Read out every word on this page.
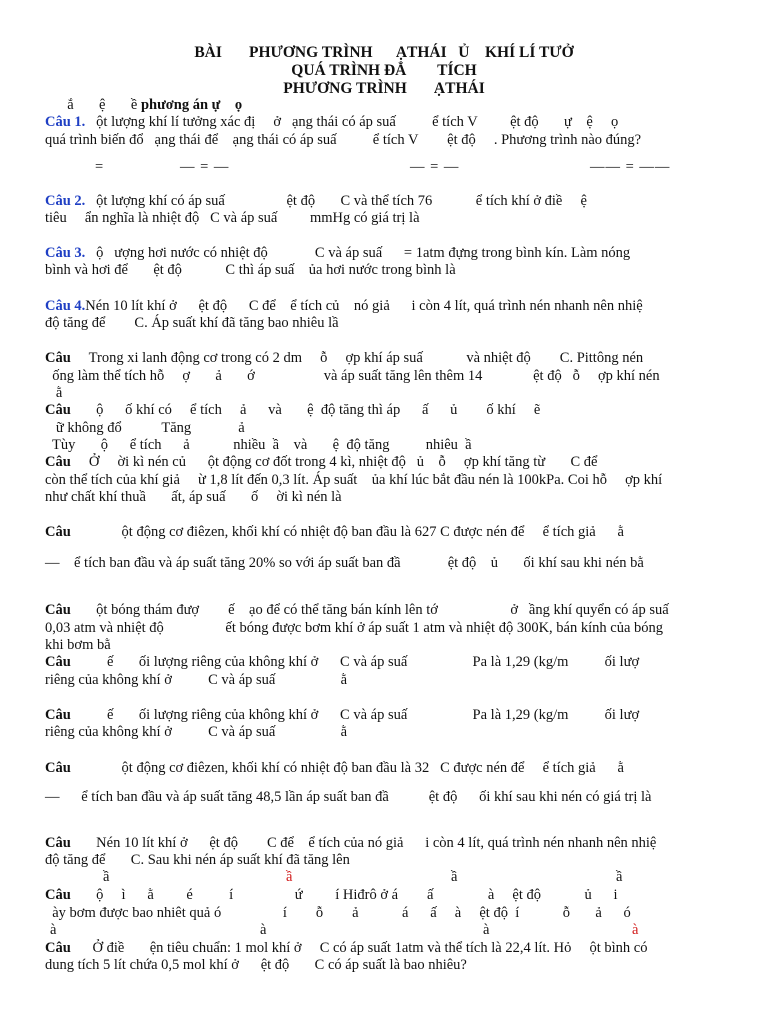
BÀI       PHƯƠNG TRÌNH      ẠTHÁI   Ủ    KHÍ LÍ TƯỞ
QUÁ TRÌNH ĐẲ        TÍCH
PHƯƠNG TRÌNH       ẠTHÁI
ắ       ệ       ề phương án ự    ọ
Câu 1.   ột lượng khí lí tưởng xác đị     ở   ạng thái có áp suấ          ể tích V         ệt độ       ự    ệ     ọ
quá trình biến đổ   ạng thái để    ạng thái có áp suấ          ể tích V        ệt độ     . Phương trình nào đúng?
=	— = —	— = —	—— = ——
Câu 2.   ột lượng khí có áp suấ                 ệt độ       C và thể tích 76            ể tích khí ở điề     ệ
tiêu     ẩn nghĩa là nhiệt độ   C và áp suấ         mmHg có giá trị là
Câu 3.   ộ   ượng hơi nước có nhiệt độ             C và áp suấ      = 1atm đựng trong bình kín. Làm nóng
bình và hơi để       ệt độ            C thì áp suấ    ủa hơi nước trong bình là
Câu 4.Nén 10 lít khí ở      ệt độ      C để    ể tích củ    nó giả      i còn 4 lít, quá trình nén nhanh nên nhiệ
độ tăng để        C. Áp suất khí đã tăng bao nhiêu lầ
Câu     Trong xi lanh động cơ trong có 2 dm     ỗ     ợp khí áp suấ            và nhiệt độ        C. Pittông nén
ống làm thể tích hỗ     ợ       ả       ớ                   và áp suất tăng lên thêm 14              ệt độ   ỗ     ợp khí nén
ằ
Câu       ộ      ố khí có     ể tích     ả      và       ệ  độ tăng thì áp      ấ      ủ        ố khí     ẽ
ữ không đổ           Tăng             ả
Tùy       ộ      ể tích      ả            nhiều  ầ    và       ệ  độ tăng          nhiêu  ầ
Câu     Ở     ời kì nén củ      ột động cơ đốt trong 4 kì, nhiệt độ   ủ    ỗ     ợp khí tăng từ       C để
còn thể tích của khí giả     ừ 1,8 lít đến 0,3 lít. Áp suất    ủa khí lúc bắt đầu nén là 100kPa. Coi hỗ     ợp khí
như chất khí thuầ       ất, áp suấ       ố     ời kì nén là
Câu              ột động cơ điêzen, khối khí có nhiệt độ ban đầu là 627 C được nén để     ể tích giả      ằ
—    ể tích ban đầu và áp suất tăng 20% so với áp suất ban đầ             ệt độ    ủ       ối khí sau khi nén bằ
Câu       ột bóng thám đượ        ế    ạo để có thể tăng bán kính lên tớ                    ở   ầng khí quyển có áp suấ
0,03 atm và nhiệt độ                 ết bóng được bơm khí ở áp suất 1 atm và nhiệt độ 300K, bán kính của bóng
khi bơm bằ
Câu          ế       ối lượng riêng của không khí ở      C và áp suấ                  Pa là 1,29 (kg/m          ối lượ
riêng của không khí ở          C và áp suấ                  ằ
Câu          ế       ối lượng riêng của không khí ở      C và áp suấ                  Pa là 1,29 (kg/m          ối lượ
riêng của không khí ở          C và áp suấ                  ằ
Câu              ột động cơ điêzen, khối khí có nhiệt độ ban đầu là 32   C được nén để     ể tích giả      ằ
—      ể tích ban đầu và áp suất tăng 48,5 lần áp suất ban đầ           ệt độ      ối khí sau khi nén có giá trị là
Câu       Nén 10 lít khí ở      ệt độ        C để    ể tích của nó giả      i còn 4 lít, quá trình nén nhanh nên nhiệ
độ tăng để       C. Sau khi nén áp suất khí đã tăng lên
ầ	ầ	ầ	ầ
Câu       ộ     ì      ằ         é          í                 ứ         í Hiđrô ở á        ấ               à     ệt độ            ủ      i
ày bơm được bao nhiêt quả ó                 í        ỗ        ả            á      ấ     à     ệt độ  í            ỗ       ả      ó
à	à	à	à
Câu      Ở điề       ện tiêu chuẩn: 1 mol khí ở     C có áp suất 1atm và thể tích là 22,4 lít. Hỏ     ột bình có
dung tích 5 lít chứa 0,5 mol khí ở      ệt độ       C có áp suất là bao nhiêu?
